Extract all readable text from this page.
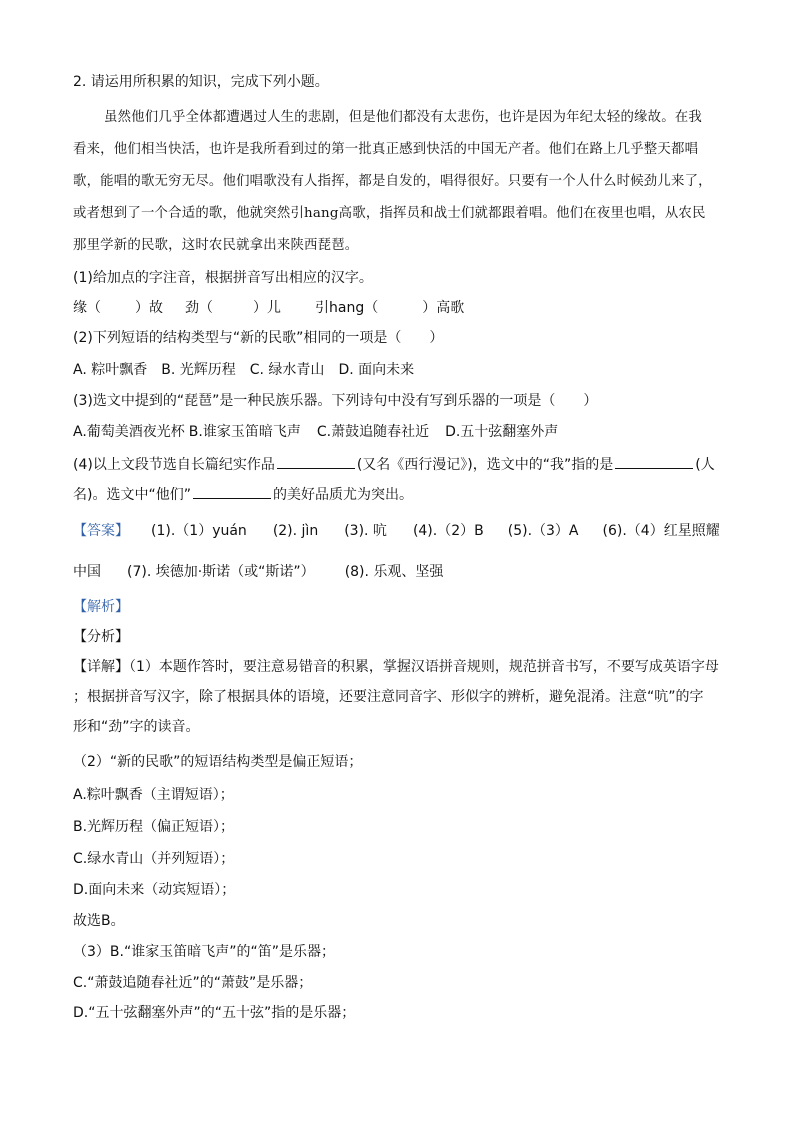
2. 请运用所积累的知识，完成下列小题。
虽然他们几乎全体都遭遇过人生的悲剧，但是他们都没有太悲伤，也许是因为年纪太轻的缘故。在我
看来，他们相当快活，也许是我所看到过的第一批真正感到快活的中国无产者。他们在路上几乎整天都唱
歌，能唱的歌无穷无尽。他们唱歌没有人指挥，都是自发的，唱得很好。只要有一个人什么时候劲儿来了，
或者想到了一个合适的歌，他就突然引hang高歌，指挥员和战士们就都跟着唱。他们在夜里也唱，从农民
那里学新的民歌，这时农民就拿出来陕西琵琶。
(1)给加点的字注音，根据拼音写出相应的汉字。
缘（ ）故 劲（	）儿 引hang（	）高歌
(2)下列短语的结构类型与“新的民歌”相同的一项是（　　）
A. 粽叶飘香 B. 光辉历程 C. 绿水青山 D. 面向未来
(3)选文中提到的“琵琶”是一种民族乐器。下列诗句中没有写到乐器的一项是（　　）
A.葡萄美酒夜光杯 B.谁家玉笛暗飞声 C.萧鼓追随春社近 D.五十弦翻塞外声
(4)以上文段节选自长篇纪实作品	(又名《西行漫记》)，选文中的“我”指的是	(人
名)。选文中“他们”	的美好品质尤为突出。
【答案】 (1).（1）yuán (2). jìn (3). 吭 (4).（2）B (5).（3）A (6).（4）红星照耀
中国 (7). 埃德加·斯诺（或“斯诺”） (8). 乐观、坚强
【解析】
【分析】
【详解】（1）本题作答时，要注意易错音的积累，掌握汉语拼音规则，规范拼音书写，不要写成英语字母
；根据拼音写汉字，除了根据具体的语境，还要注意同音字、形似字的辨析，避免混淆。注意“吭”的字
形和“劲”字的读音。
（2）“新的民歌”的短语结构类型是偏正短语；
A.粽叶飘香（主谓短语）；
B.光辉历程（偏正短语）；
C.绿水青山（并列短语）；
D.面向未来（动宾短语）；
故选B。
（3）B.“谁家玉笛暗飞声”的“笛”是乐器；
C.“萧鼓追随春社近”的“萧鼓”是乐器；
D.“五十弦翻塞外声”的“五十弦”指的是乐器；
